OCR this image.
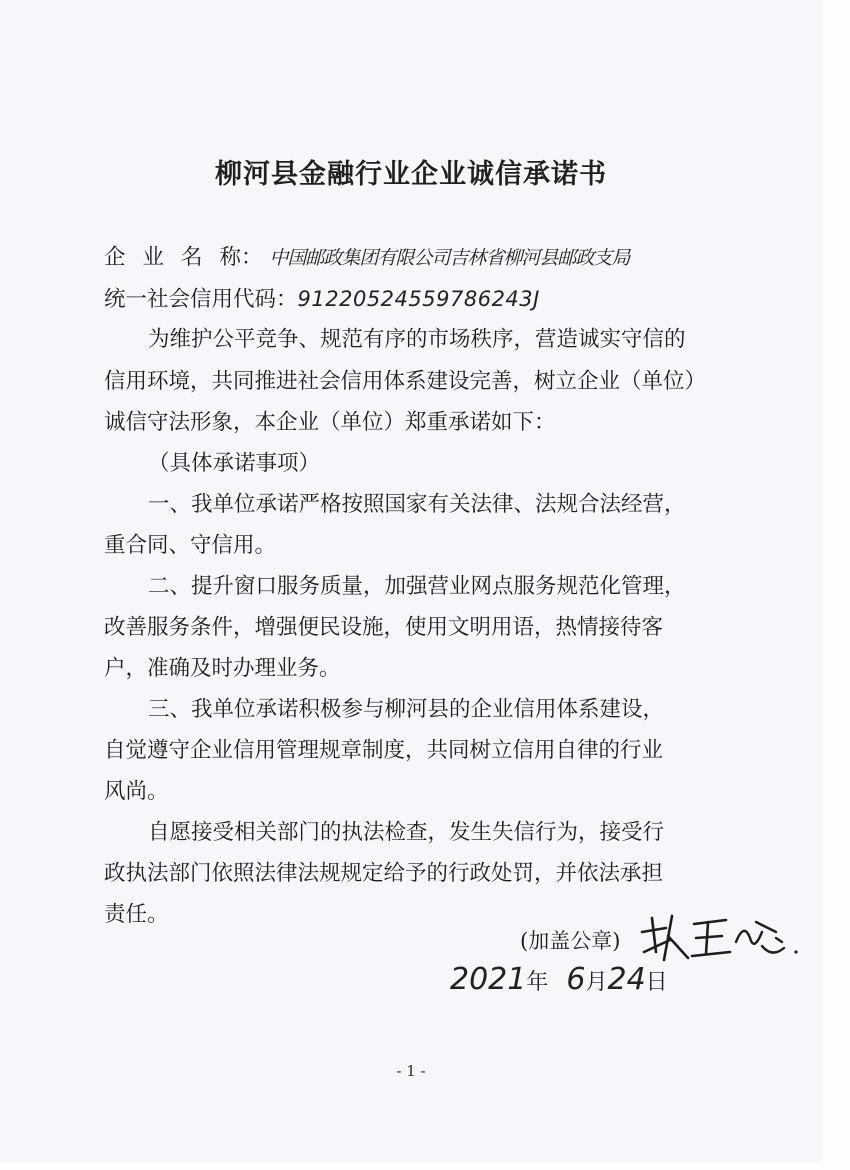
柳河县金融行业企业诚信承诺书
企业名称： 中国邮政集团有限公司吉林省柳河县邮政支局
统一社会信用代码：91220524559786243J
为维护公平竞争、规范有序的市场秩序，营造诚实守信的
信用环境，共同推进社会信用体系建设完善，树立企业（单位）
诚信守法形象，本企业（单位）郑重承诺如下：
（具体承诺事项）
一、我单位承诺严格按照国家有关法律、法规合法经营，
重合同、守信用。
二、提升窗口服务质量，加强营业网点服务规范化管理，
改善服务条件，增强便民设施，使用文明用语，热情接待客
户，准确及时办理业务。
三、我单位承诺积极参与柳河县的企业信用体系建设，
自觉遵守企业信用管理规章制度，共同树立信用自律的行业
风尚。
自愿接受相关部门的执法检查，发生失信行为，接受行
政执法部门依照法律法规规定给予的行政处罚，并依法承担
责任。
(加盖公章)
2021年 6月24日
- 1 -
